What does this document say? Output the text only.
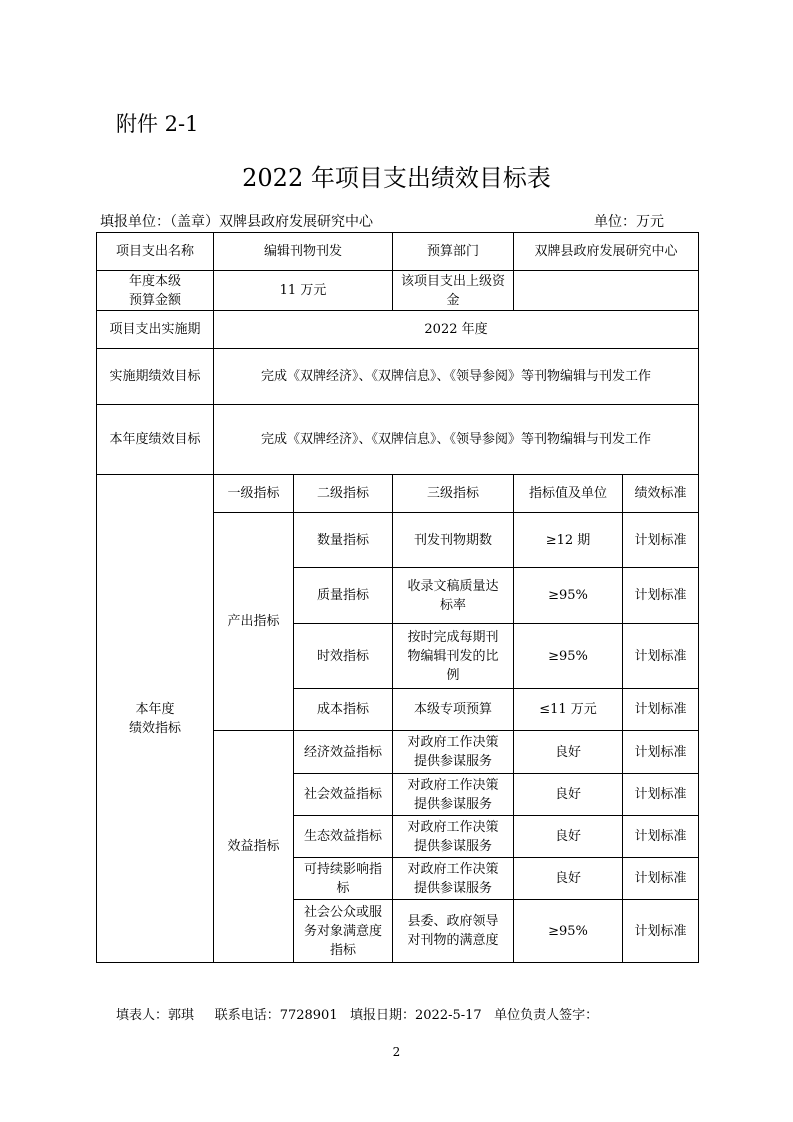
附件 2-1
2022 年项目支出绩效目标表
填报单位：（盖章）双牌县政府发展研究中心	单位：万元
项目支出名称	编辑刊物刊发		预算部门	双牌县政府发展研究中心	
年度本级
预算金额	11 万元		该项目支出上级资金		
项目支出实施期	2022 年度				
实施期绩效目标	完成《双牌经济》、《双牌信息》、《领导参阅》等刊物编辑与刊发工作				
本年度绩效目标	完成《双牌经济》、《双牌信息》、《领导参阅》等刊物编辑与刊发工作				
本年度
绩效指标	一级指标	二级指标	三级指标	指标值及单位	绩效标准
	产出指标	数量指标	刊发刊物期数	≥12 期	计划标准
		质量指标	收录文稿质量达
标率	≥95%	计划标准
		时效指标	按时完成每期刊
物编辑刊发的比
例	≥95%	计划标准
		成本指标	本级专项预算	≤11 万元	计划标准
	效益指标	经济效益指标	对政府工作决策
提供参谋服务	良好	计划标准
		社会效益指标	对政府工作决策
提供参谋服务	良好	计划标准
		生态效益指标	对政府工作决策
提供参谋服务	良好	计划标准
		可持续影响指
标	对政府工作决策
提供参谋服务	良好	计划标准
		社会公众或服
务对象满意度
指标	县委、政府领导
对刊物的满意度	≥95%	计划标准
填表人：郭琪 联系电话：7728901 填报日期：2022-5-17 单位负责人签字：
2
